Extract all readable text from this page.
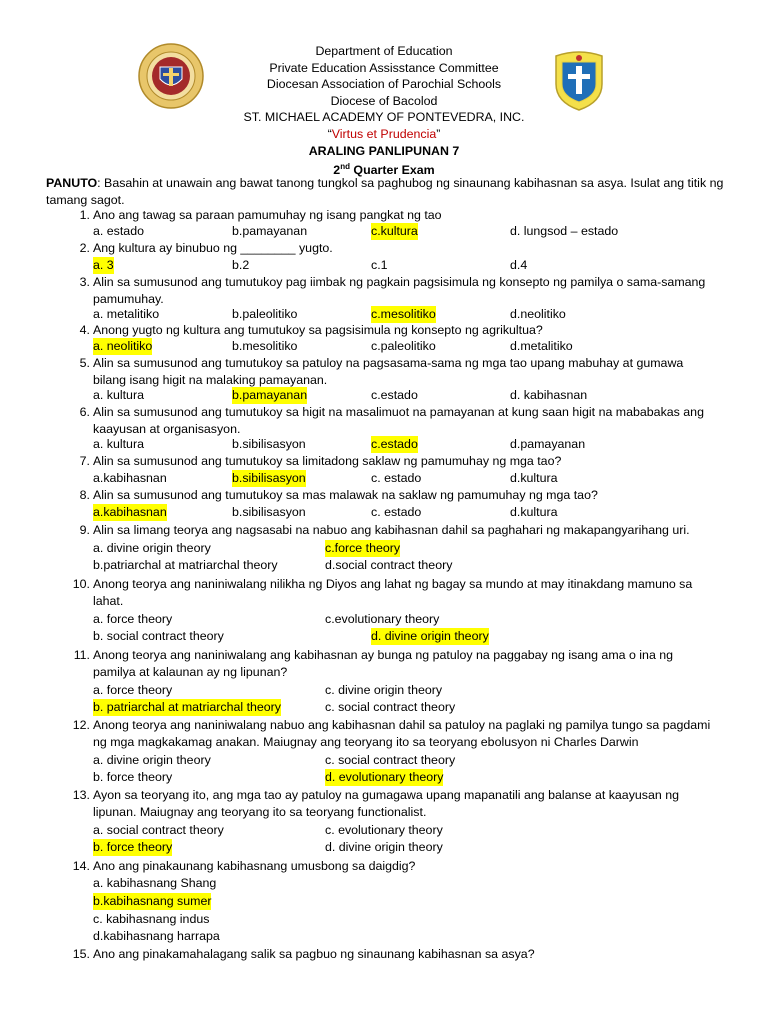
Department of Education
Private Education Assisstance Committee
Diocesan Association of Parochial Schools
Diocese of Bacolod
ST. MICHAEL ACADEMY OF PONTEVEDRA, INC.
“Virtus et Prudencia”
ARALING PANLIPUNAN 7
2nd Quarter Exam
PANUTO: Basahin at unawain ang bawat tanong tungkol sa paghubog ng sinaunang kabihasnan sa asya. Isulat ang titik ng tamang sagot.
1. Ano ang tawag sa paraan pamumuhay ng isang pangkat ng tao
a. estado	b.pamayanan	c.kultura	d. lungsod – estado
2. Ang kultura ay binubuo ng ________ yugto.
a. 3	b.2	c.1	d.4
3. Alin sa sumusunod ang tumutukoy pag iimbak ng pagkain pagsisimula ng konsepto ng pamilya o sama-samang pamumuhay.
a. metalitiko	b.paleolitiko	c.mesolitiko	d.neolitiko
4. Anong yugto ng kultura ang tumutukoy sa pagsisimula ng konsepto ng agrikultua?
a. neolitiko	b.mesolitiko	c.paleolitiko	d.metalitiko
5. Alin sa sumusunod ang tumutukoy sa patuloy na pagsasama-sama ng mga tao upang mabuhay at gumawa bilang isang higit na malaking pamayanan.
a. kultura	b.pamayanan	c.estado	d. kabihasnan
6. Alin sa sumusunod ang tumutukoy sa higit na masalimuot na pamayanan at kung saan higit na mababakas ang kaayusan at organisasyon.
a. kultura	b.sibilisasyon	c.estado	d.pamayanan
7. Alin sa sumusunod ang tumutukoy sa limitadong saklaw ng pamumuhay ng mga tao?
a.kabihasnan	b.sibilisasyon	c. estado	d.kultura
8. Alin sa sumusunod ang tumutukoy sa mas malawak na saklaw ng pamumuhay ng mga tao?
a.kabihasnan	b.sibilisasyon	c. estado	d.kultura
9. Alin sa limang teorya ang nagsasabi na nabuo ang kabihasnan dahil sa paghahari ng makapangyarihang uri.
a. divine origin theory	c.force theory
b.patriarchal at matriarchal theory	d.social contract theory
10. Anong teorya ang naniniwalang nilikha ng Diyos ang lahat ng bagay sa mundo at may itinakdang mamuno sa lahat.
a. force theory	c.evolutionary theory
b. social contract theory	d. divine origin theory
11. Anong teorya ang naniniwalang ang kabihasnan ay bunga ng patuloy na paggabay ng isang ama o ina ng pamilya at kalaunan ay ng lipunan?
a. force theory	c. divine origin theory
b. patriarchal at matriarchal theory	c. social contract theory
12. Anong teorya ang naniniwalang nabuo ang kabihasnan dahil sa patuloy na paglaki ng pamilya tungo sa pagdami ng mga magkakamag anakan. Maiugnay ang teoryang ito sa teoryang ebolusyon ni Charles Darwin
a. divine origin theory	c. social contract theory
b. force theory	d. evolutionary theory
13. Ayon sa teoryang ito, ang mga tao ay patuloy na gumagawa upang mapanatili ang balanse at kaayusan ng lipunan. Maiugnay ang teoryang ito sa teoryang functionalist.
a. social contract theory	c. evolutionary theory
b. force theory	d. divine origin theory
14. Ano ang pinakaunang kabihasnang umusbong sa daigdig?
a. kabihasnang Shang
b.kabihasnang sumer
c. kabihasnang indus
d.kabihasnang harrapa
15. Ano ang pinakamahalagang salik sa pagbuo ng sinaunang kabihasnan sa asya?
